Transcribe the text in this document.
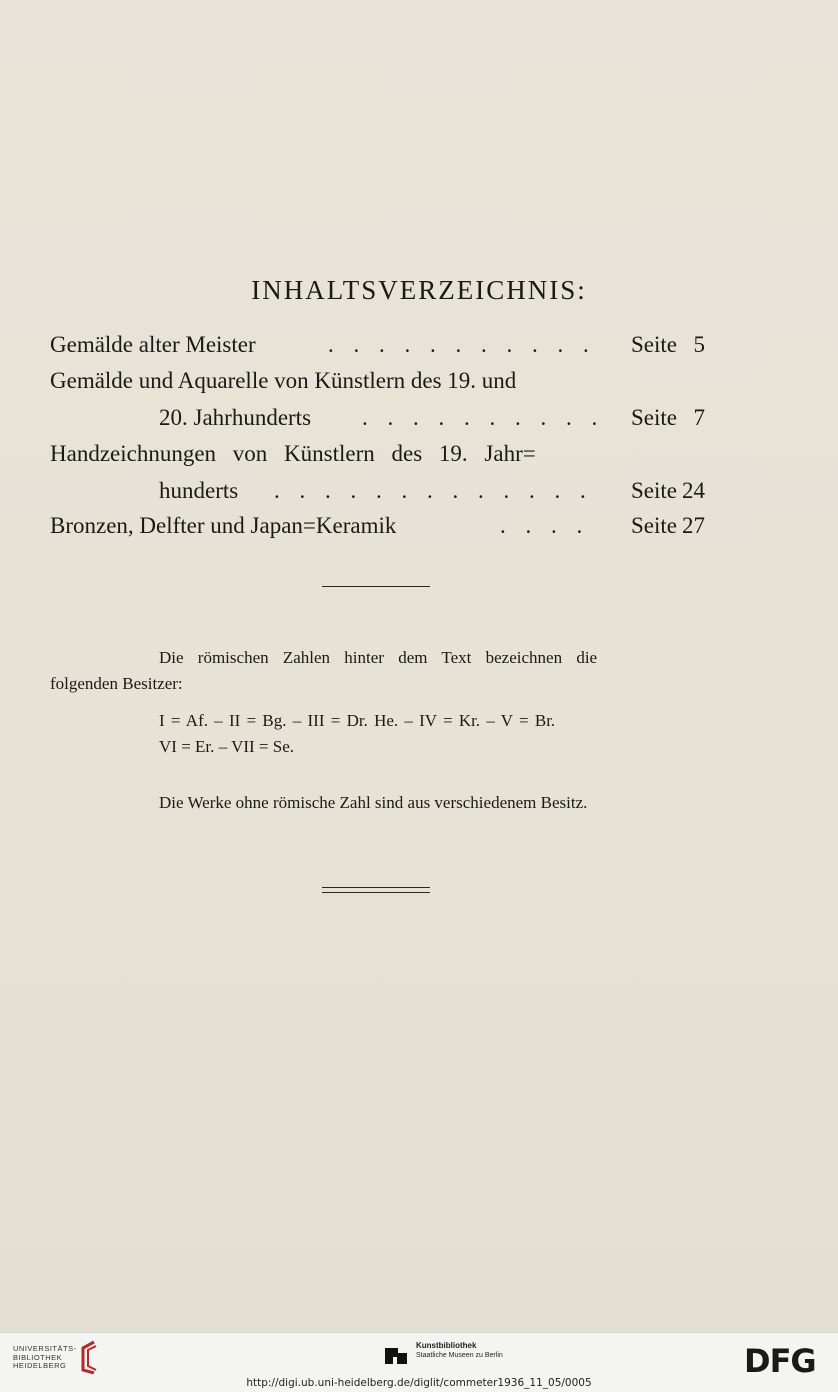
INHALTSVERZEICHNIS:
Gemälde alter Meister	. . . . . . . . . . . Seite 5
Gemälde und Aquarelle von Künstlern des 19. und
20. Jahrhunderts . . . . . . . . . . Seite 7
Handzeichnungen von Künstlern des 19. Jahr=
hunderts . . . . . . . . . . . . . Seite 24
Bronzen, Delfter und Japan=Keramik	. . . . Seite 27
Die römischen Zahlen hinter dem Text bezeichnen die
folgenden Besitzer:
I = Af. – II = Bg. – III = Dr. He. – IV = Kr. – V = Br.
VI = Er. – VII = Se.
Die Werke ohne römische Zahl sind aus verschiedenem Besitz.
UNIVERSITÄTS-
BIBLIOTHEK
HEIDELBERG
Kunstbibliothek
Staatliche Museen zu Berlin	DFG
http://digi.ub.uni-heidelberg.de/diglit/commeter1936_11_05/0005
